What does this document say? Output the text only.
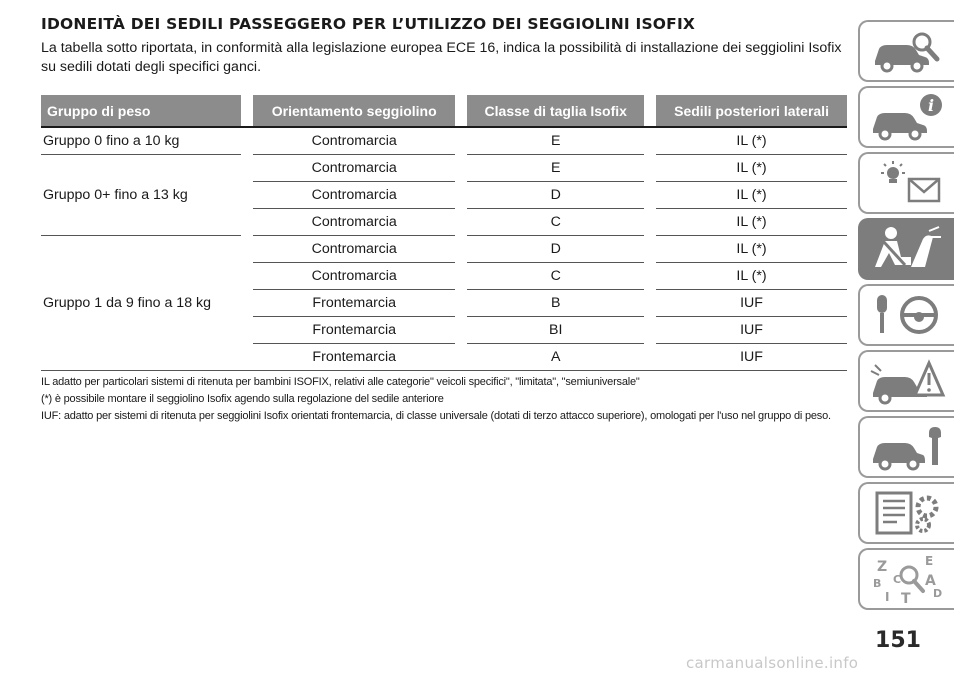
IDONEITÀ DEI SEDILI PASSEGGERO PER L’UTILIZZO DEI SEGGIOLINI ISOFIX

La tabella sotto riportata, in conformità alla legislazione europea ECE 16, indica la possibilità di installazione dei seggiolini Isofix
su sedili dotati degli specifici ganci.

Gruppo di peso		Orientamento seggiolino		Classe di taglia Isofix		Sedili posteriori laterali
Gruppo 0 fino a 10 kg		Contromarcia		E		IL (*)
Gruppo 0+ fino a 13 kg		Contromarcia		E		IL (*)
		Contromarcia		D		IL (*)
		Contromarcia		C		IL (*)
Gruppo 1 da 9 fino a 18 kg		Contromarcia		D		IL (*)
		Contromarcia		C		IL (*)
		Frontemarcia		B		IUF
		Frontemarcia		BI		IUF
		Frontemarcia		A		IUF

IL adatto per particolari sistemi di ritenuta per bambini ISOFIX, relativi alle categorie" veicoli specifici", "limitata", "semiuniversale"

(*) è possibile montare il seggiolino Isofix agendo sulla regolazione del sedile anteriore

IUF: adatto per sistemi di ritenuta per seggiolini Isofix orientati frontemarcia, di classe universale (dotati di terzo attacco superiore), omologati per l'uso nel gruppo di peso.

i
Z	E
B	A
C
D
I T
151
carmanualsonline.info
